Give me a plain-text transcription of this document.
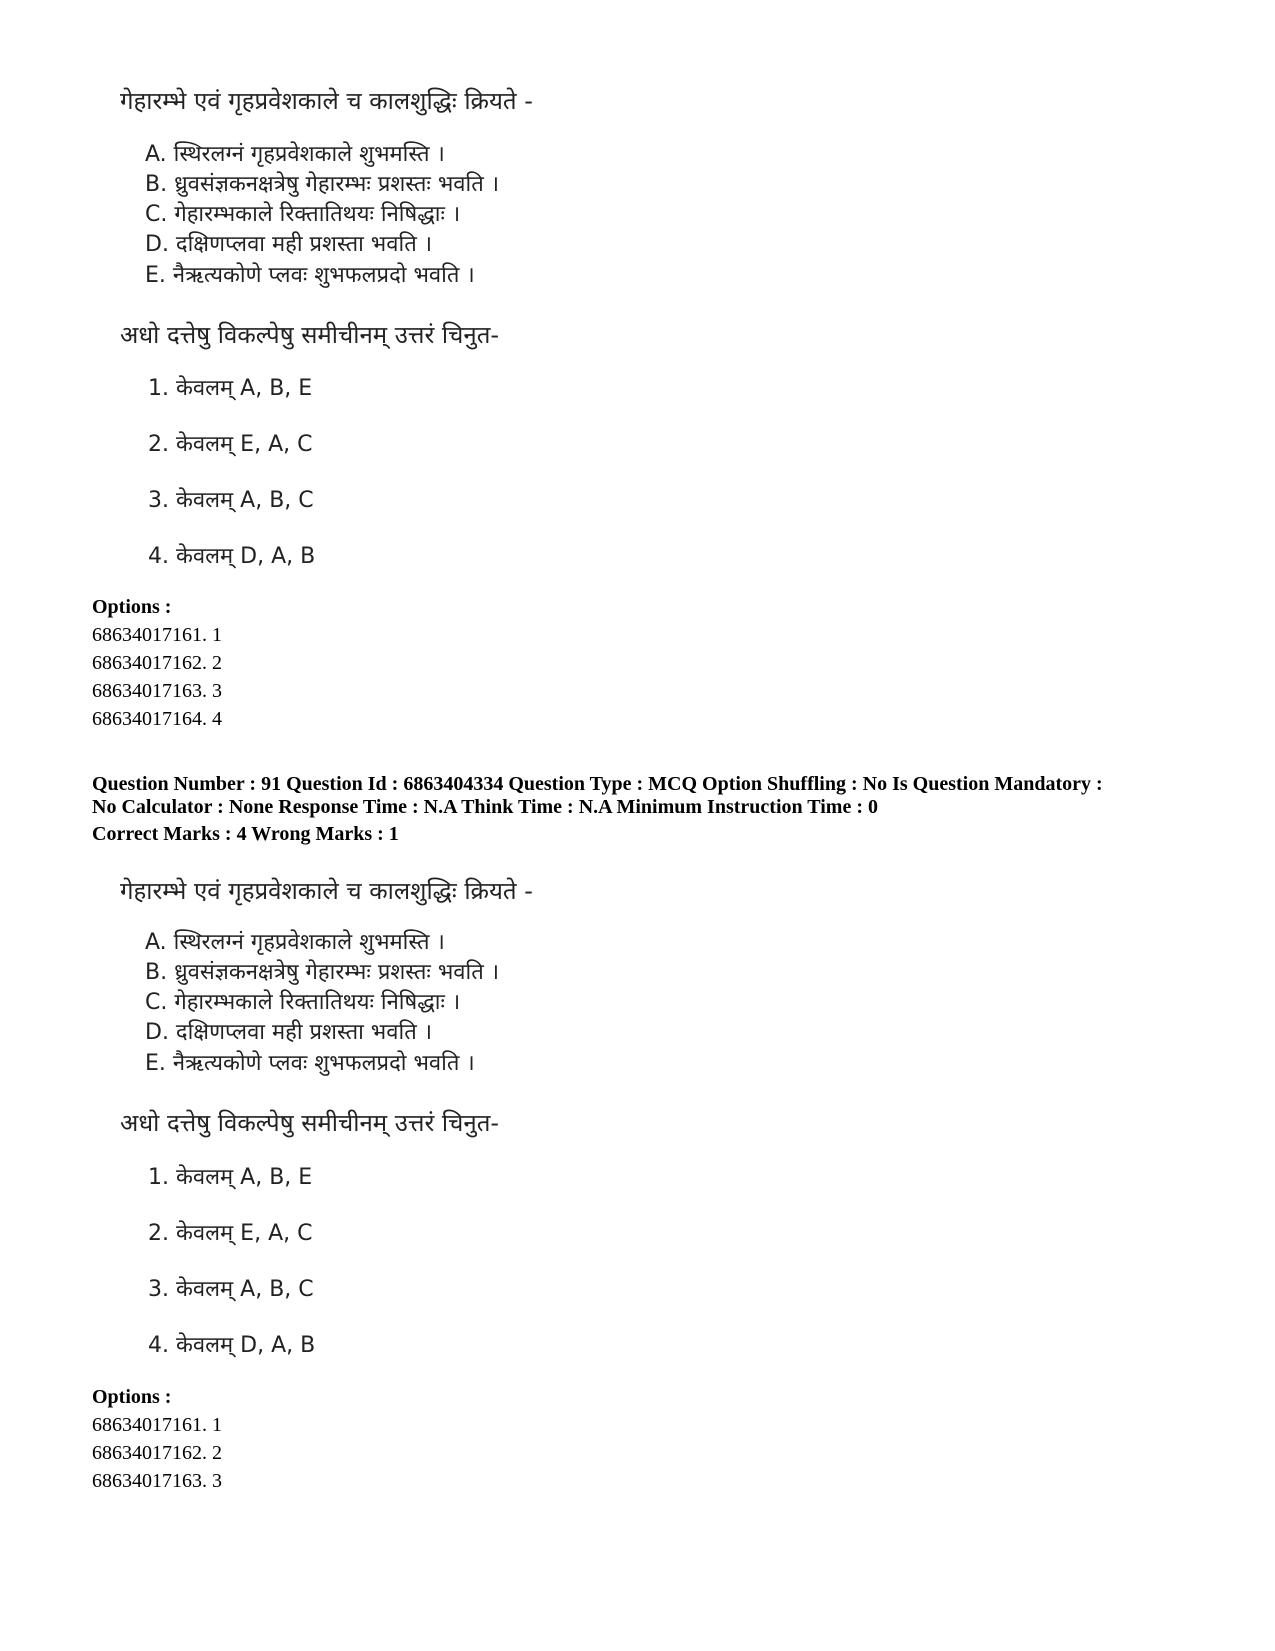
गेहारम्भे एवं गृहप्रवेशकाले च कालशुद्धिः क्रियते -
A. स्थिरलग्नं गृहप्रवेशकाले शुभमस्ति ।
B. ध्रुवसंज्ञकनक्षत्रेषु गेहारम्भः प्रशस्तः भवति ।
C. गेहारम्भकाले रिक्तातिथयः निषिद्धाः ।
D. दक्षिणप्लवा मही प्रशस्ता भवति ।
E. नैऋत्यकोणे प्लवः शुभफलप्रदो भवति ।
अधो दत्तेषु विकल्पेषु समीचीनम् उत्तरं चिनुत-
1. केवलम् A, B, E
2. केवलम् E, A, C
3. केवलम् A, B, C
4. केवलम् D, A, B
Options :
68634017161. 1
68634017162. 2
68634017163. 3
68634017164. 4
Question Number : 91 Question Id : 6863404334 Question Type : MCQ Option Shuffling : No Is Question Mandatory :
No Calculator : None Response Time : N.A Think Time : N.A Minimum Instruction Time : 0
Correct Marks : 4 Wrong Marks : 1
गेहारम्भे एवं गृहप्रवेशकाले च कालशुद्धिः क्रियते -
A. स्थिरलग्नं गृहप्रवेशकाले शुभमस्ति ।
B. ध्रुवसंज्ञकनक्षत्रेषु गेहारम्भः प्रशस्तः भवति ।
C. गेहारम्भकाले रिक्तातिथयः निषिद्धाः ।
D. दक्षिणप्लवा मही प्रशस्ता भवति ।
E. नैऋत्यकोणे प्लवः शुभफलप्रदो भवति ।
अधो दत्तेषु विकल्पेषु समीचीनम् उत्तरं चिनुत-
1. केवलम् A, B, E
2. केवलम् E, A, C
3. केवलम् A, B, C
4. केवलम् D, A, B
Options :
68634017161. 1
68634017162. 2
68634017163. 3
